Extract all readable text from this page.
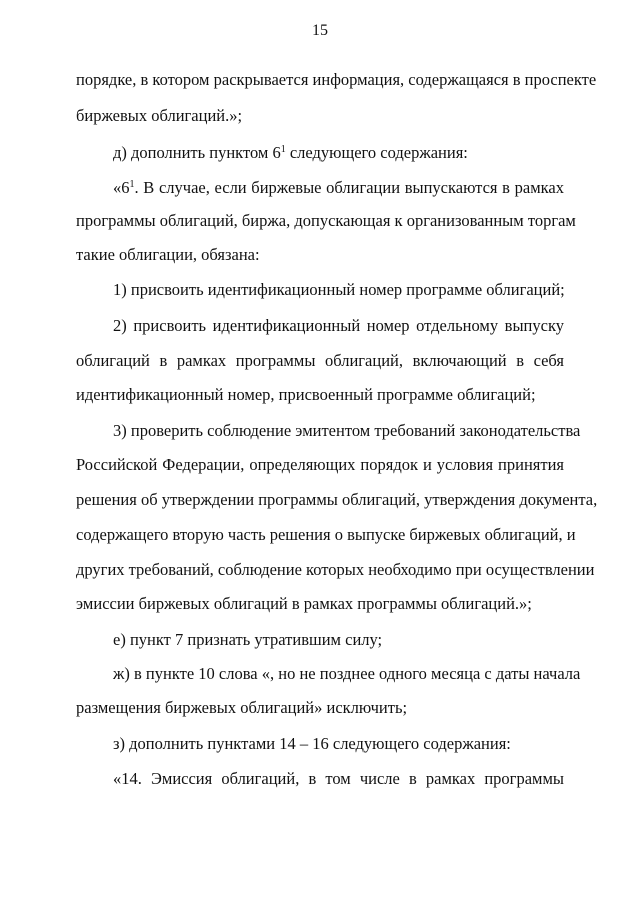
15
порядке, в котором раскрывается информация, содержащаяся в проспекте
биржевых облигаций.»;
д) дополнить пунктом $6^1$ следующего содержания:
«$6^1$. В случае, если биржевые облигации выпускаются в рамках
программы облигаций, биржа, допускающая к организованным торгам
такие облигации, обязана:
1) присвоить идентификационный номер программе облигаций;
2) присвоить идентификационный номер отдельному выпуску
облигаций в рамках программы облигаций, включающий в себя
идентификационный номер, присвоенный программе облигаций;
3) проверить соблюдение эмитентом требований законодательства
Российской Федерации, определяющих порядок и условия принятия
решения об утверждении программы облигаций, утверждения документа,
содержащего вторую часть решения о выпуске биржевых облигаций, и
других требований, соблюдение которых необходимо при осуществлении
эмиссии биржевых облигаций в рамках программы облигаций.»;
е) пункт 7 признать утратившим силу;
ж) в пункте 10 слова «, но не позднее одного месяца с даты начала
размещения биржевых облигаций» исключить;
з) дополнить пунктами 14 – 16 следующего содержания:
«14. Эмиссия облигаций, в том числе в рамках программы
